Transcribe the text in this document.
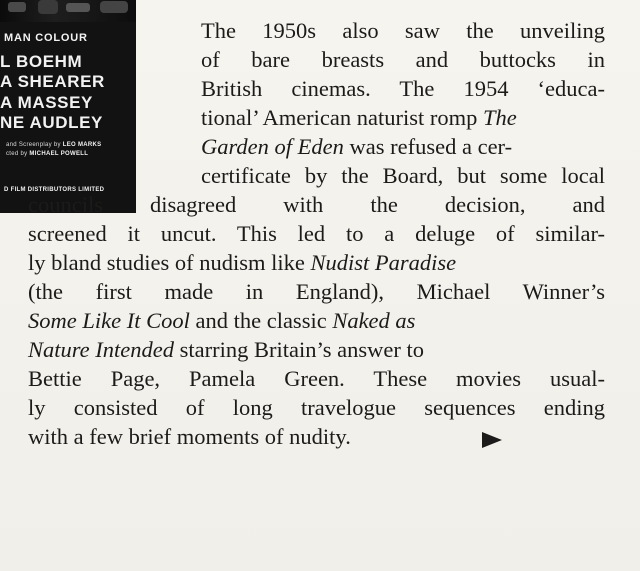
MAN COLOUR
L BOEHM
A SHEARER
A MASSEY
NE AUDLEY
and Screenplay by LEO MARKS
cted by MICHAEL POWELL
D FILM DISTRIBUTORS LIMITED
The 1950s also saw the unveiling
of bare breasts and buttocks in
British cinemas. The 1954 ‘educa-
tional’ American naturist romp The
Garden of Eden was refused a cer-
certificate by the Board, but some local
councils disagreed with the decision, and
screened it uncut. This led to a deluge of similar-
ly bland studies of nudism like Nudist Paradise
(the first made in England), Michael Winner’s
Some Like It Cool and the classic Naked as
Nature Intended starring Britain’s answer to
Bettie Page, Pamela Green. These movies usual-
ly consisted of long travelogue sequences ending
with a few brief moments of nudity.
